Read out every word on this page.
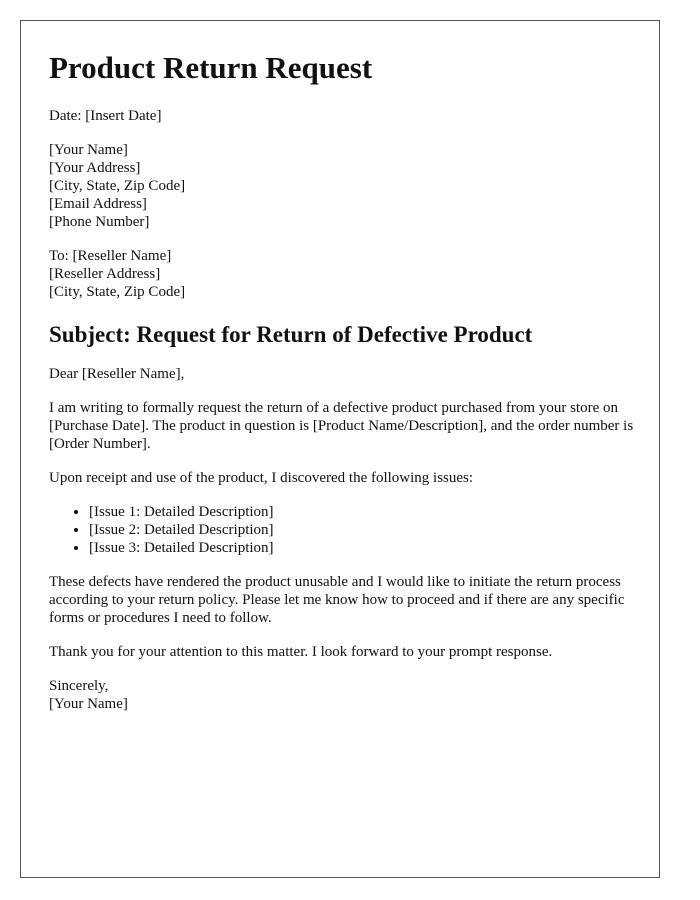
Product Return Request
Date: [Insert Date]
[Your Name]
[Your Address]
[City, State, Zip Code]
[Email Address]
[Phone Number]
To: [Reseller Name]
[Reseller Address]
[City, State, Zip Code]
Subject: Request for Return of Defective Product

Dear [Reseller Name],

I am writing to formally request the return of a defective product purchased from your store on [Purchase Date]. The product in question is [Product Name/Description], and the order number is [Order Number].

Upon receipt and use of the product, I discovered the following issues:

• [Issue 1: Detailed Description]
• [Issue 2: Detailed Description]
• [Issue 3: Detailed Description]

These defects have rendered the product unusable and I would like to initiate the return process according to your return policy. Please let me know how to proceed and if there are any specific forms or procedures I need to follow.

Thank you for your attention to this matter. I look forward to your prompt response.

Sincerely,
[Your Name]
